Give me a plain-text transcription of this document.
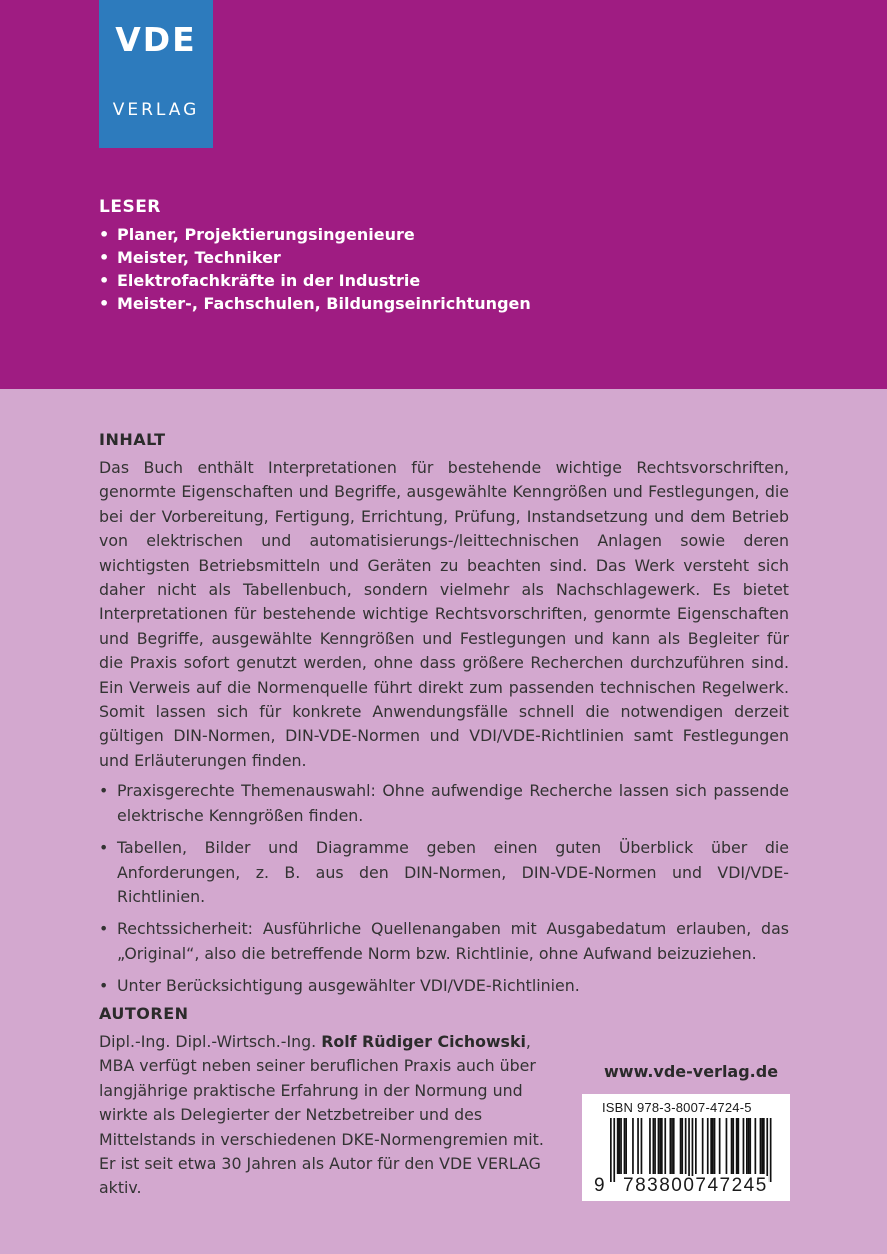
VDE
VERLAG
LESER
• Planer, Projektierungsingenieure
• Meister, Techniker
• Elektrofachkräfte in der Industrie
• Meister-, Fachschulen, Bildungseinrichtungen
INHALT

Das Buch enthält Interpretationen für bestehende wichtige Rechtsvorschriften, genormte Eigenschaften und Begriffe, ausgewählte Kenngrößen und Festlegungen, die bei der Vorbereitung, Fertigung, Errichtung, Prüfung, Instandsetzung und dem Betrieb von elektrischen und automatisierungs-/leittechnischen Anlagen sowie deren wichtigsten Betriebsmitteln und Geräten zu beachten sind. Das Werk versteht sich daher nicht als Tabellenbuch, sondern vielmehr als Nachschlagewerk. Es bietet Interpretationen für bestehende wichtige Rechtsvorschriften, genormte Eigenschaften und Begriffe, ausgewählte Kenngrößen und Festlegungen und kann als Begleiter für die Praxis sofort genutzt werden, ohne dass größere Recherchen durchzuführen sind. Ein Verweis auf die Normenquelle führt direkt zum passenden technischen Regelwerk. Somit lassen sich für konkrete Anwendungsfälle schnell die notwendigen derzeit gültigen DIN-Normen, DIN-VDE-Normen und VDI/VDE-Richtlinien samt Festlegungen und Erläuterungen finden.

• Praxisgerechte Themenauswahl: Ohne aufwendige Recherche lassen sich passende elektrische Kenngrößen finden.
• Tabellen, Bilder und Diagramme geben einen guten Überblick über die Anforderungen, z. B. aus den DIN-Normen, DIN-VDE-Normen und VDI/VDE-Richtlinien.
• Rechtssicherheit: Ausführliche Quellenangaben mit Ausgabedatum erlauben, das „Original“, also die betreffende Norm bzw. Richtlinie, ohne Aufwand beizuziehen.
• Unter Berücksichtigung ausgewählter VDI/VDE-Richtlinien.
AUTOREN

Dipl.-Ing. Dipl.-Wirtsch.-Ing. Rolf Rüdiger Cichowski, MBA verfügt neben seiner beruflichen Praxis auch über langjährige praktische Erfahrung in der Normung und wirkte als Delegierter der Netzbetreiber und des Mittelstands in verschiedenen DKE-Normengremien mit. Er ist seit etwa 30 Jahren als Autor für den VDE VERLAG aktiv.

www.vde-verlag.de
ISBN 978-3-8007-4724-5
9 783800747245
